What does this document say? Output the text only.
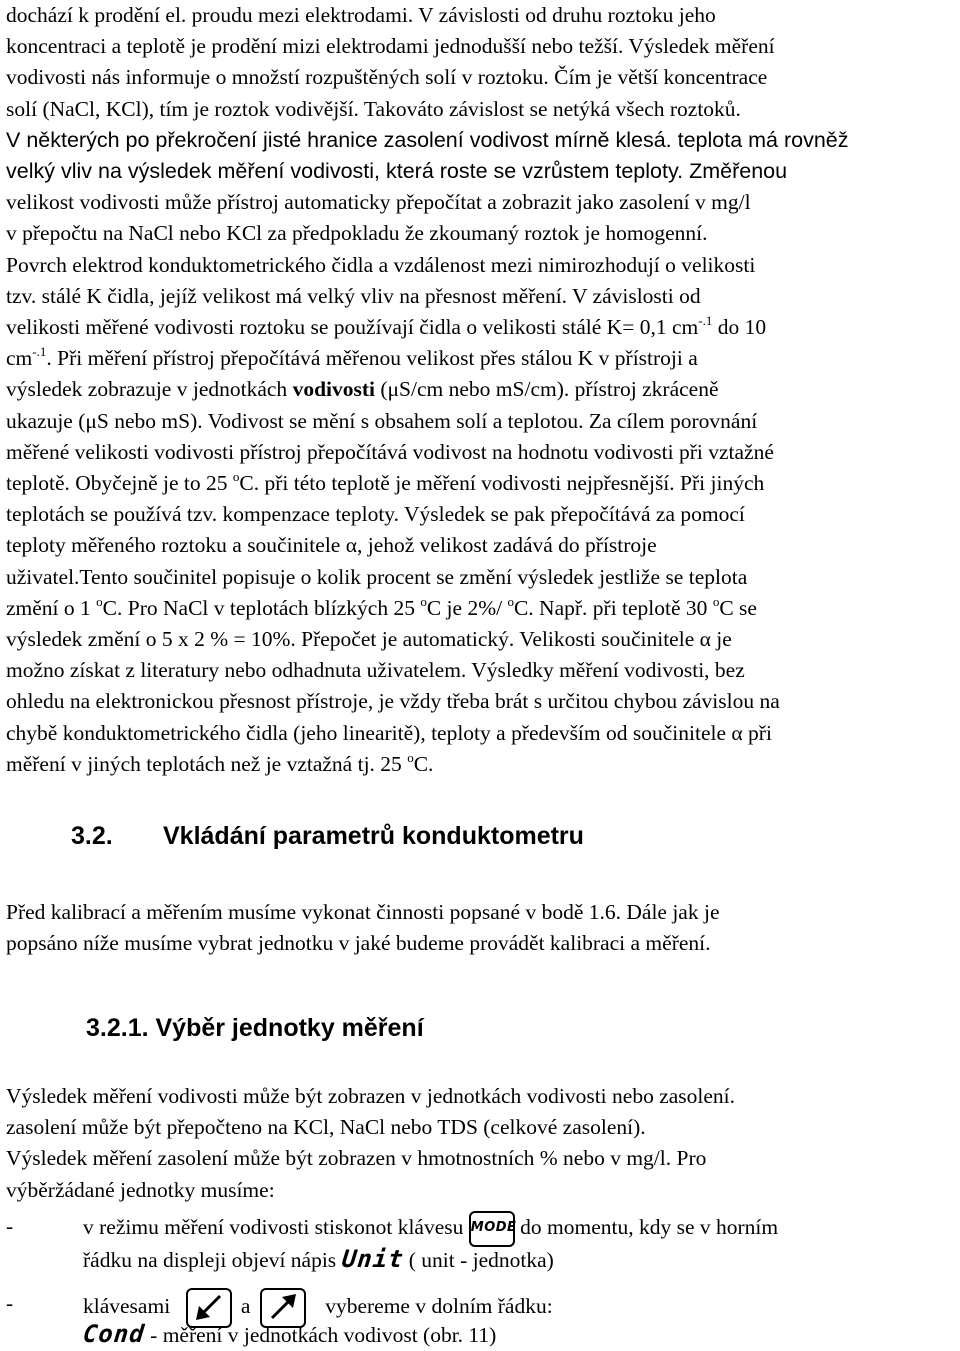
dochází k prodění el. proudu mezi elektrodami. V závislosti od druhu roztoku jeho
koncentraci a teplotě je prodění mizi elektrodami jednodušší nebo težší. Výsledek měření
vodivosti nás informuje o množstí rozpuštěných solí v roztoku. Čím je větší koncentrace
solí (NaCl, KCl), tím je roztok vodivější. Takováto závislost se netýká všech roztoků.
V některých po překročení jisté hranice zasolení vodivost mírně klesá. teplota má rovněž
velký vliv na výsledek měření vodivosti, která roste se vzrůstem teploty. Změřenou
velikost vodivosti může přístroj automaticky přepočítat a zobrazit jako zasolení v mg/l
v přepočtu na NaCl nebo KCl za předpokladu že zkoumaný roztok je homogenní.
Povrch elektrod konduktometrického čidla a vzdálenost mezi nimirozhodují o velikosti
tzv. stálé K čidla, jejíž velikost má velký vliv na přesnost měření. V závislosti od
velikosti měřené vodivosti roztoku se používají čidla o velikosti stálé K= 0,1 $cm^{-.1}$ do 10
$cm^{-.1}$. Při měření přístroj přepočítává měřenou velikost přes stálou K v přístroji a
výsledek zobrazuje v jednotkách vodivosti (μS/cm nebo mS/cm). přístroj zkráceně
ukazuje (μS nebo mS). Vodivost se mění s obsahem solí a teplotou. Za cílem porovnání
měřené velikosti vodivosti přístroj přepočítává vodivost na hodnotu vodivosti při vztažné
teplotě. Obyčejně je to 25 $^o$C. při této teplotě je měření vodivosti nejpřesnější. Při jiných
teplotách se používá tzv. kompenzace teploty. Výsledek se pak přepočítává za pomocí
teploty měřeného roztoku a součinitele α, jehož velikost zadává do přístroje
uživatel.Tento součinitel popisuje o kolik procent se změní výsledek jestliže se teplota
změní o 1 $^o$C. Pro NaCl v teplotách blízkých 25 $^o$C je 2%/ $^o$C. Např. při teplotě 30 $^o$C se
výsledek změní o 5 x 2 % = 10%. Přepočet je automatický. Velikosti součinitele α je
možno získat z literatury nebo odhadnuta uživatelem. Výsledky měření vodivosti, bez
ohledu na elektronickou přesnost přístroje, je vždy třeba brát s určitou chybou závislou na
chybě konduktometrického čidla (jeho linearitě), teploty a především od součinitele α při
měření v jiných teplotách než je vztažná tj. 25 $^o$C.
3.2. Vkládání parametrů konduktometru
Před kalibrací a měřením musíme vykonat činnosti popsané v bodě 1.6. Dále jak je
popsáno níže musíme vybrat jednotku v jaké budeme provádět kalibraci a měření.
3.2.1. Výběr jednotky měření
Výsledek měření vodivosti může být zobrazen v jednotkách vodivosti nebo zasolení.
zasolení může být přepočteno na KCl, NaCl nebo TDS (celkové zasolení).
Výsledek měření zasolení může být zobrazen v hmotnostních % nebo v mg/l. Pro
výběržádané jednotky musíme:
-	v režimu měření vodivosti stiskonot klávesu MODE do momentu, kdy se v horním
řádku na displeji objeví nápis Unit ( unit - jednotka)
-	klávesami	a	vybereme v dolním řádku:
Cond - měření v jednotkách vodivost (obr. 11)
